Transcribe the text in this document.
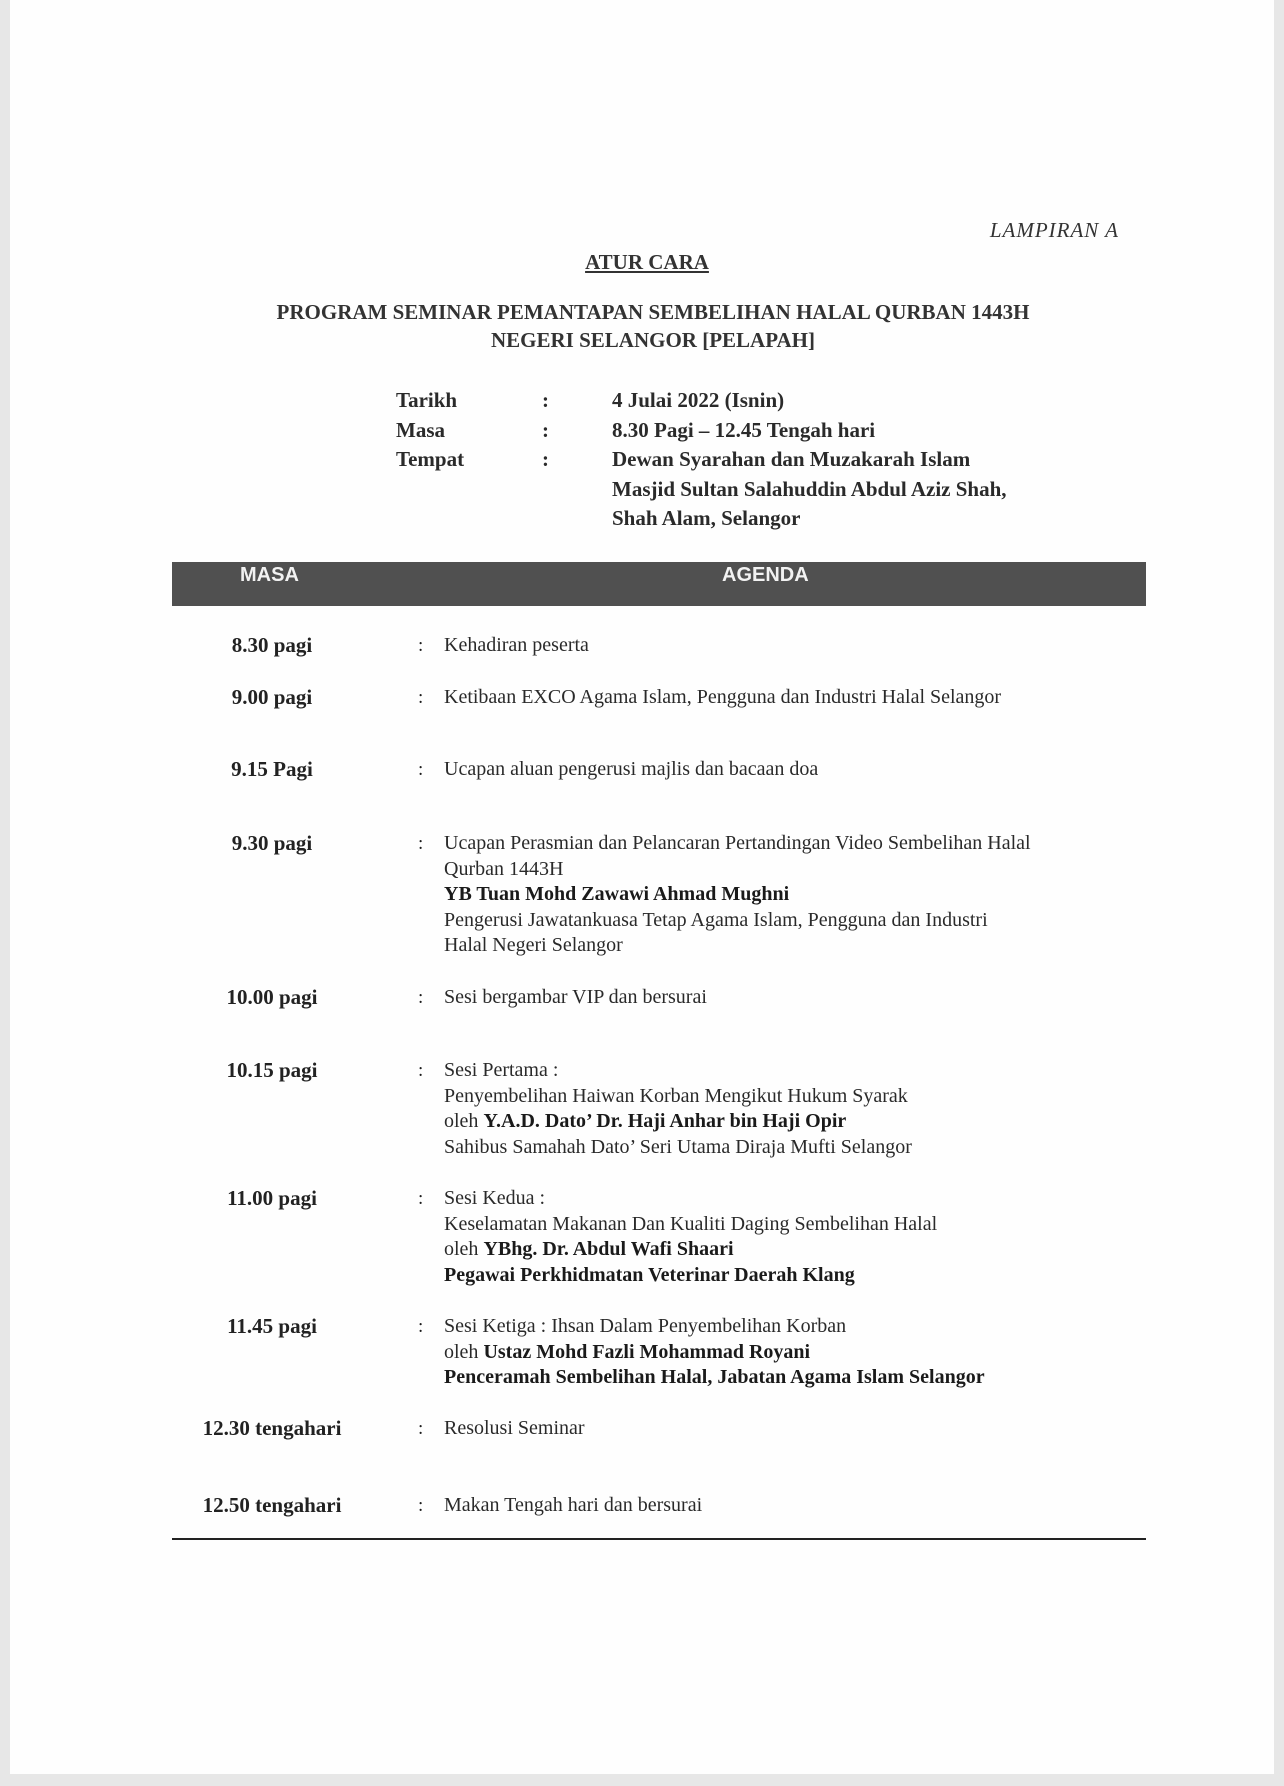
LAMPIRAN A
ATUR CARA
PROGRAM SEMINAR PEMANTAPAN SEMBELIHAN HALAL QURBAN 1443H
NEGERI SELANGOR [PELAPAH]
Tarikh	:	4 Julai 2022 (Isnin)
Masa	:	8.30 Pagi – 12.45 Tengah hari
Tempat	:	Dewan Syarahan dan Muzakarah Islam
Masjid Sultan Salahuddin Abdul Aziz Shah,
Shah Alam, Selangor
MASA	AGENDA
8.30 pagi	: Kehadiran peserta
9.00 pagi	: Ketibaan EXCO Agama Islam, Pengguna dan Industri Halal Selangor
9.15 Pagi	: Ucapan aluan pengerusi majlis dan bacaan doa
9.30 pagi	: Ucapan Perasmian dan Pelancaran Pertandingan Video Sembelihan Halal
Qurban 1443H
YB Tuan Mohd Zawawi Ahmad Mughni
Pengerusi Jawatankuasa Tetap Agama Islam, Pengguna dan Industri
Halal Negeri Selangor
10.00 pagi	: Sesi bergambar VIP dan bersurai
10.15 pagi	: Sesi Pertama :
Penyembelihan Haiwan Korban Mengikut Hukum Syarak
oleh Y.A.D. Dato’ Dr. Haji Anhar bin Haji Opir
Sahibus Samahah Dato’ Seri Utama Diraja Mufti Selangor
11.00 pagi	: Sesi Kedua :
Keselamatan Makanan Dan Kualiti Daging Sembelihan Halal
oleh YBhg. Dr. Abdul Wafi Shaari
Pegawai Perkhidmatan Veterinar Daerah Klang
11.45 pagi	: Sesi Ketiga : Ihsan Dalam Penyembelihan Korban
oleh Ustaz Mohd Fazli Mohammad Royani
Penceramah Sembelihan Halal, Jabatan Agama Islam Selangor
12.30 tengahari	: Resolusi Seminar
12.50 tengahari	: Makan Tengah hari dan bersurai
